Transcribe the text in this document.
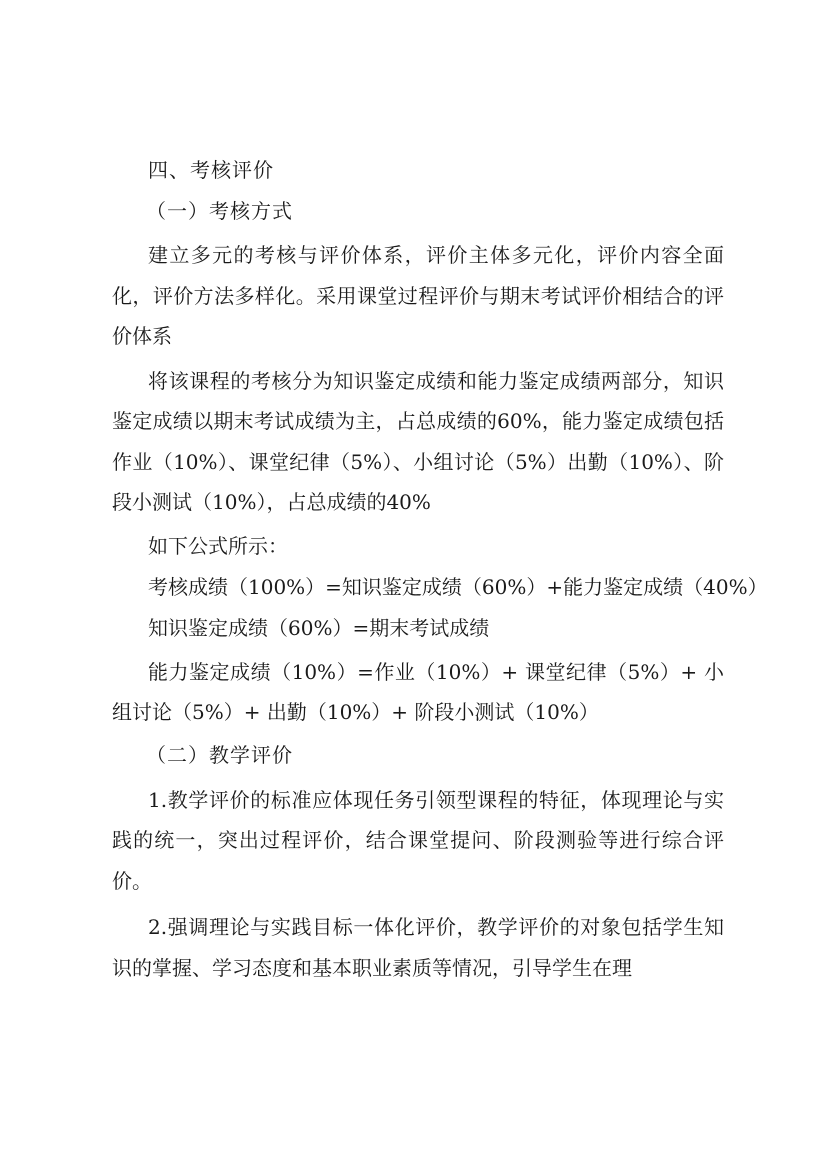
四、考核评价
（一）考核方式
建立多元的考核与评价体系，评价主体多元化，评价内容全面化，评价方法多样化。采用课堂过程评价与期末考试评价相结合的评价体系
将该课程的考核分为知识鉴定成绩和能力鉴定成绩两部分，知识鉴定成绩以期末考试成绩为主，占总成绩的60%，能力鉴定成绩包括作业（10%）、课堂纪律（5%）、小组讨论（5%）出勤（10%）、阶段小测试（10%），占总成绩的40%
如下公式所示：
考核成绩（100%）=知识鉴定成绩（60%）+能力鉴定成绩（40%）
知识鉴定成绩（60%）=期末考试成绩
能力鉴定成绩（10%）=作业（10%）+ 课堂纪律（5%）+ 小组讨论（5%）+ 出勤（10%）+ 阶段小测试（10%）
（二）教学评价
1.教学评价的标准应体现任务引领型课程的特征，体现理论与实践的统一，突出过程评价，结合课堂提问、阶段测验等进行综合评价。
2.强调理论与实践目标一体化评价，教学评价的对象包括学生知识的掌握、学习态度和基本职业素质等情况，引导学生在理
